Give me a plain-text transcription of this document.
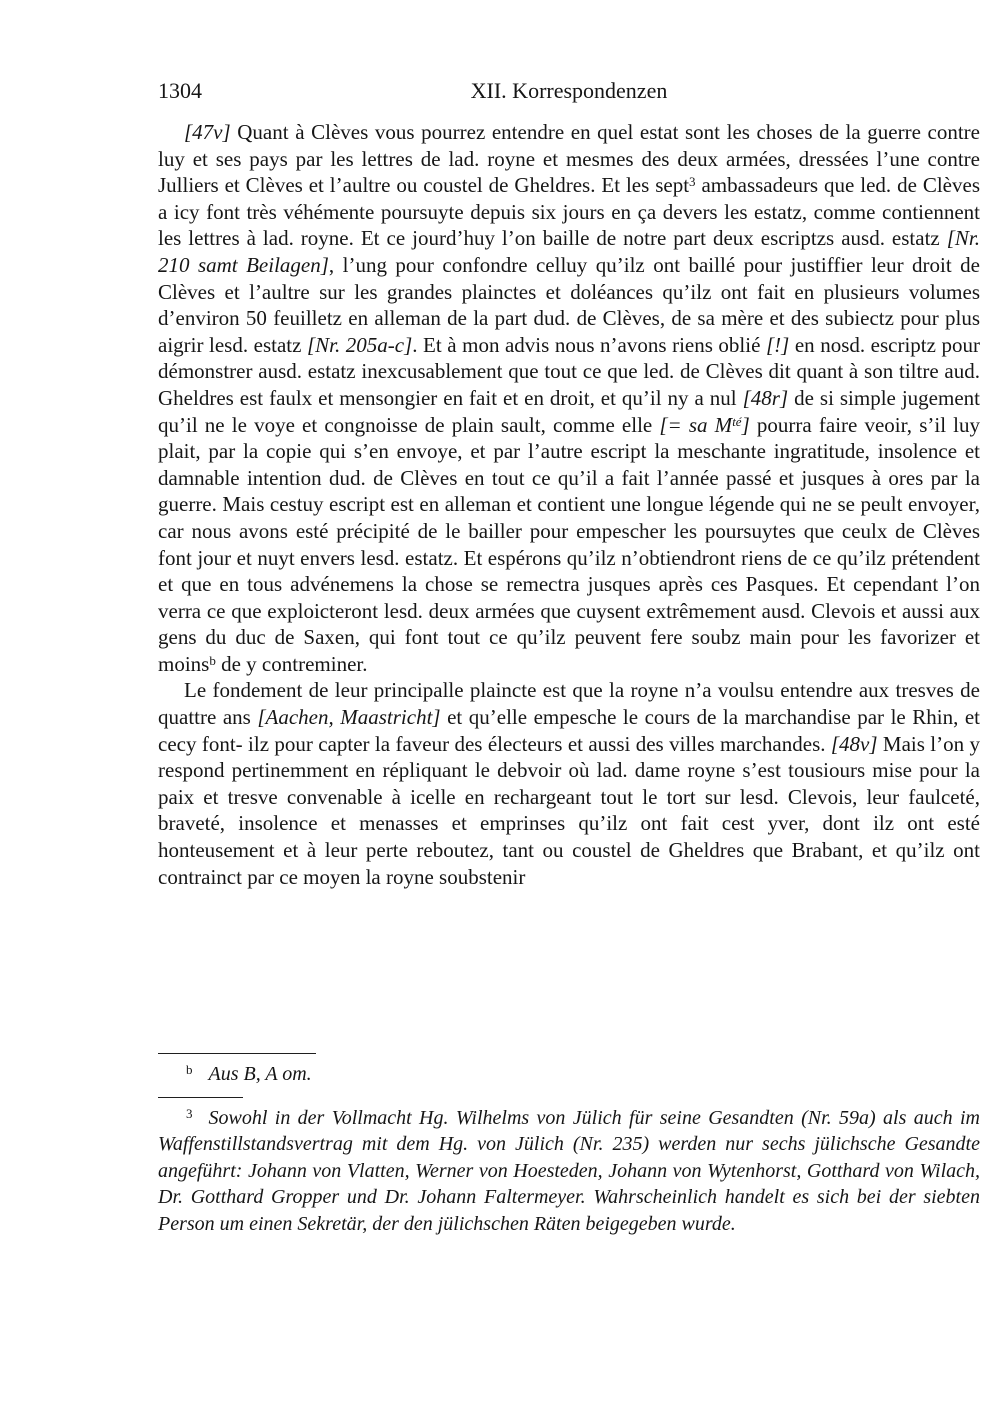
1304	XII. Korrespondenzen

[47v] Quant à Clèves vous pourrez entendre en quel estat sont les choses de la guerre contre luy et ses pays par les lettres de lad. royne et mesmes des deux armées, dressées l’une contre Julliers et Clèves et l’aultre ou coustel de Gheldres. Et les sept$^3$ ambassadeurs que led. de Clèves a icy font très véhémente poursuyte depuis six jours en ça devers les estatz, comme contiennent les lettres à lad. royne. Et ce jourd’huy l’on baille de notre part deux escriptzs ausd. estatz [Nr. 210 samt Beilagen], l’ung pour confondre celluy qu’ilz ont baillé pour justiffier leur droit de Clèves et l’aultre sur les grandes plainctes et doléances qu’ilz ont fait en plusieurs volumes d’environ 50 feuilletz en alleman de la part dud. de Clèves, de sa mère et des subiectz pour plus aigrir lesd. estatz [Nr. 205a-c]. Et à mon advis nous n’avons riens oblié [!] en nosd. escriptz pour démonstrer ausd. estatz inexcusablement que tout ce que led. de Clèves dit quant à son tiltre aud. Gheldres est faulx et mensongier en fait et en droit, et qu’il ny a nul [48r] de si simple jugement qu’il ne le voye et congnoisse de plain sault, comme elle [= sa $M^{té}$] pourra faire veoir, s’il luy plait, par la copie qui s’en envoye, et par l’autre escript la meschante ingratitude, insolence et damnable intention dud. de Clèves en tout ce qu’il a fait l’année passé et jusques à ores par la guerre. Mais cestuy escript est en alleman et contient une longue légende qui ne se peult envoyer, car nous avons esté précipité de le bailler pour empescher les poursuytes que ceulx de Clèves font jour et nuyt envers lesd. estatz. Et espérons qu’ilz n’obtiendront riens de ce qu’ilz prétendent et que en tous advénemens la chose se remectra jusques après ces Pasques. Et cependant l’on verra ce que exploicteront lesd. deux armées que cuysent extrêmement ausd. Clevois et aussi aux gens du duc de Saxen, qui font tout ce qu’ilz peuvent fere soubz main pour les favorizer et moins$^b$ de y contreminer.

Le fondement de leur principalle plaincte est que la royne n’a voulsu entendre aux tresves de quattre ans [Aachen, Maastricht] et qu’elle empesche le cours de la marchandise par le Rhin, et cecy font- ilz pour capter la faveur des électeurs et aussi des villes marchandes. [48v] Mais l’on y respond pertinemment en répliquant le debvoir où lad. dame royne s’est tousiours mise pour la paix et tresve convenable à icelle en rechargeant tout le tort sur lesd. Clevois, leur faulceté, braveté, insolence et menasses et emprinses qu’ilz ont fait cest yver, dont ilz ont esté honteusement et à leur perte reboutez, tant ou coustel de Gheldres que Brabant, et qu’ilz ont contrainct par ce moyen la royne soubstenir

$^b$ Aus B, A om.

$^3$ Sowohl in der Vollmacht Hg. Wilhelms von Jülich für seine Gesandten (Nr. 59a) als auch im Waffenstillstandsvertrag mit dem Hg. von Jülich (Nr. 235) werden nur sechs jülichsche Gesandte angeführt: Johann von Vlatten, Werner von Hoesteden, Johann von Wytenhorst, Gotthard von Wilach, Dr. Gotthard Gropper und Dr. Johann Faltermeyer. Wahrscheinlich handelt es sich bei der siebten Person um einen Sekretär, der den jülichschen Räten beigegeben wurde.
